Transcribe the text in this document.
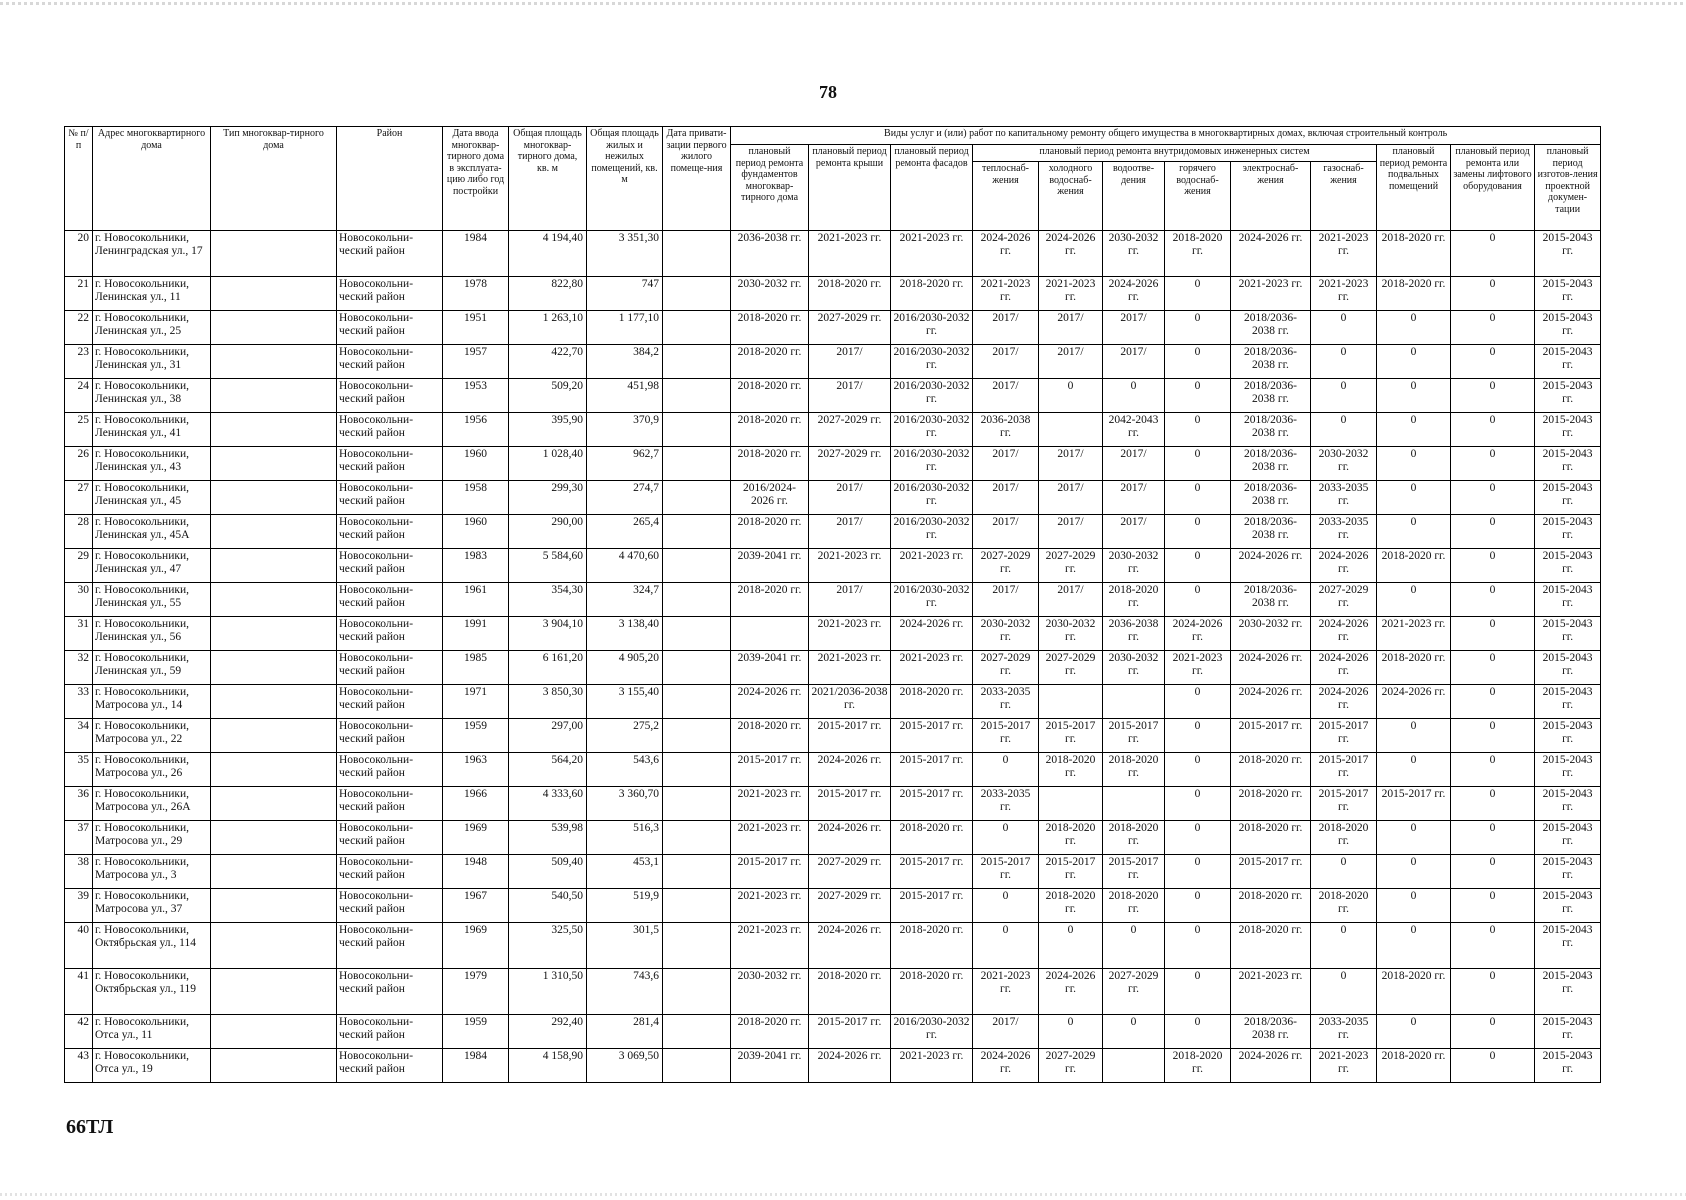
78
№ п/п	Адрес многоквартирного дома	Тип многоквар-тирного дома	Район	Дата ввода многоквар-тирного дома в эксплуата-цию либо год постройки	Общая площадь многоквар-тирного дома, кв. м	Общая площадь жилых и нежилых помещений, кв. м	Дата привати-зации первого жилого помеще-ния	Виды услуг и (или) работ по капитальному ремонту общего имущества в многоквартирных домах, включая строительный контроль											
								плановый период ремонта фундаментов многоквар-тирного дома	плановый период ремонта крыши	плановый период ремонта фасадов	плановый период ремонта внутридомовых инженерных систем						плановый период ремонта подвальных помещений	плановый период ремонта или замены лифтового оборудования	плановый период изготов-ления проектной докумен-тации
											теплоснаб-жения	холодного водоснаб-жения	водоотве-дения	горячего водоснаб-жения	электроснаб-жения	газоснаб-жения			
20	г. Новосокольники, Ленинградская ул., 17		Новосокольни-ческий район	1984	4 194,40	3 351,30		2036-2038 гг.	2021-2023 гг.	2021-2023 гг.	2024-2026 гг.	2024-2026 гг.	2030-2032 гг.	2018-2020 гг.	2024-2026 гг.	2021-2023 гг.	2018-2020 гг.	0	2015-2043 гг.
21	г. Новосокольники, Ленинская ул., 11		Новосокольни-ческий район	1978	822,80	747		2030-2032 гг.	2018-2020 гг.	2018-2020 гг.	2021-2023 гг.	2021-2023 гг.	2024-2026 гг.	0	2021-2023 гг.	2021-2023 гг.	2018-2020 гг.	0	2015-2043 гг.
22	г. Новосокольники, Ленинская ул., 25		Новосокольни-ческий район	1951	1 263,10	1 177,10		2018-2020 гг.	2027-2029 гг.	2016/2030-2032 гг.	2017/	2017/	2017/	0	2018/2036-2038 гг.	0	0	0	2015-2043 гг.
23	г. Новосокольники, Ленинская ул., 31		Новосокольни-ческий район	1957	422,70	384,2		2018-2020 гг.	2017/	2016/2030-2032 гг.	2017/	2017/	2017/	0	2018/2036-2038 гг.	0	0	0	2015-2043 гг.
24	г. Новосокольники, Ленинская ул., 38		Новосокольни-ческий район	1953	509,20	451,98		2018-2020 гг.	2017/	2016/2030-2032 гг.	2017/	0	0	0	2018/2036-2038 гг.	0	0	0	2015-2043 гг.
25	г. Новосокольники, Ленинская ул., 41		Новосокольни-ческий район	1956	395,90	370,9		2018-2020 гг.	2027-2029 гг.	2016/2030-2032 гг.	2036-2038 гг.		2042-2043 гг.	0	2018/2036-2038 гг.	0	0	0	2015-2043 гг.
26	г. Новосокольники, Ленинская ул., 43		Новосокольни-ческий район	1960	1 028,40	962,7		2018-2020 гг.	2027-2029 гг.	2016/2030-2032 гг.	2017/	2017/	2017/	0	2018/2036-2038 гг.	2030-2032 гг.	0	0	2015-2043 гг.
27	г. Новосокольники, Ленинская ул., 45		Новосокольни-ческий район	1958	299,30	274,7		2016/2024-2026 гг.	2017/	2016/2030-2032 гг.	2017/	2017/	2017/	0	2018/2036-2038 гг.	2033-2035 гг.	0	0	2015-2043 гг.
28	г. Новосокольники, Ленинская ул., 45А		Новосокольни-ческий район	1960	290,00	265,4		2018-2020 гг.	2017/	2016/2030-2032 гг.	2017/	2017/	2017/	0	2018/2036-2038 гг.	2033-2035 гг.	0	0	2015-2043 гг.
29	г. Новосокольники, Ленинская ул., 47		Новосокольни-ческий район	1983	5 584,60	4 470,60		2039-2041 гг.	2021-2023 гг.	2021-2023 гг.	2027-2029 гг.	2027-2029 гг.	2030-2032 гг.	0	2024-2026 гг.	2024-2026 гг.	2018-2020 гг.	0	2015-2043 гг.
30	г. Новосокольники, Ленинская ул., 55		Новосокольни-ческий район	1961	354,30	324,7		2018-2020 гг.	2017/	2016/2030-2032 гг.	2017/	2017/	2018-2020 гг.	0	2018/2036-2038 гг.	2027-2029 гг.	0	0	2015-2043 гг.
31	г. Новосокольники, Ленинская ул., 56		Новосокольни-ческий район	1991	3 904,10	3 138,40			2021-2023 гг.	2024-2026 гг.	2030-2032 гг.	2030-2032 гг.	2036-2038 гг.	2024-2026 гг.	2030-2032 гг.	2024-2026 гг.	2021-2023 гг.	0	2015-2043 гг.
32	г. Новосокольники, Ленинская ул., 59		Новосокольни-ческий район	1985	6 161,20	4 905,20		2039-2041 гг.	2021-2023 гг.	2021-2023 гг.	2027-2029 гг.	2027-2029 гг.	2030-2032 гг.	2021-2023 гг.	2024-2026 гг.	2024-2026 гг.	2018-2020 гг.	0	2015-2043 гг.
33	г. Новосокольники, Матросова ул., 14		Новосокольни-ческий район	1971	3 850,30	3 155,40		2024-2026 гг.	2021/2036-2038 гг.	2018-2020 гг.	2033-2035 гг.			0	2024-2026 гг.	2024-2026 гг.	2024-2026 гг.	0	2015-2043 гг.
34	г. Новосокольники, Матросова ул., 22		Новосокольни-ческий район	1959	297,00	275,2		2018-2020 гг.	2015-2017 гг.	2015-2017 гг.	2015-2017 гг.	2015-2017 гг.	2015-2017 гг.	0	2015-2017 гг.	2015-2017 гг.	0	0	2015-2043 гг.
35	г. Новосокольники, Матросова ул., 26		Новосокольни-ческий район	1963	564,20	543,6		2015-2017 гг.	2024-2026 гг.	2015-2017 гг.	0	2018-2020 гг.	2018-2020 гг.	0	2018-2020 гг.	2015-2017 гг.	0	0	2015-2043 гг.
36	г. Новосокольники, Матросова ул., 26А		Новосокольни-ческий район	1966	4 333,60	3 360,70		2021-2023 гг.	2015-2017 гг.	2015-2017 гг.	2033-2035 гг.			0	2018-2020 гг.	2015-2017 гг.	2015-2017 гг.	0	2015-2043 гг.
37	г. Новосокольники, Матросова ул., 29		Новосокольни-ческий район	1969	539,98	516,3		2021-2023 гг.	2024-2026 гг.	2018-2020 гг.	0	2018-2020 гг.	2018-2020 гг.	0	2018-2020 гг.	2018-2020 гг.	0	0	2015-2043 гг.
38	г. Новосокольники, Матросова ул., 3		Новосокольни-ческий район	1948	509,40	453,1		2015-2017 гг.	2027-2029 гг.	2015-2017 гг.	2015-2017 гг.	2015-2017 гг.	2015-2017 гг.	0	2015-2017 гг.	0	0	0	2015-2043 гг.
39	г. Новосокольники, Матросова ул., 37		Новосокольни-ческий район	1967	540,50	519,9		2021-2023 гг.	2027-2029 гг.	2015-2017 гг.	0	2018-2020 гг.	2018-2020 гг.	0	2018-2020 гг.	2018-2020 гг.	0	0	2015-2043 гг.
40	г. Новосокольники, Октябрьская ул., 114		Новосокольни-ческий район	1969	325,50	301,5		2021-2023 гг.	2024-2026 гг.	2018-2020 гг.	0	0	0	0	2018-2020 гг.	0	0	0	2015-2043 гг.
41	г. Новосокольники, Октябрьская ул., 119		Новосокольни-ческий район	1979	1 310,50	743,6		2030-2032 гг.	2018-2020 гг.	2018-2020 гг.	2021-2023 гг.	2024-2026 гг.	2027-2029 гг.	0	2021-2023 гг.	0	2018-2020 гг.	0	2015-2043 гг.
42	г. Новосокольники, Отса ул., 11		Новосокольни-ческий район	1959	292,40	281,4		2018-2020 гг.	2015-2017 гг.	2016/2030-2032 гг.	2017/	0	0	0	2018/2036-2038 гг.	2033-2035 гг.	0	0	2015-2043 гг.
43	г. Новосокольники, Отса ул., 19		Новосокольни-ческий район	1984	4 158,90	3 069,50		2039-2041 гг.	2024-2026 гг.	2021-2023 гг.	2024-2026 гг.	2027-2029 гг.		2018-2020 гг.	2024-2026 гг.	2021-2023 гг.	2018-2020 гг.	0	2015-2043 гг.
66ТЛ
